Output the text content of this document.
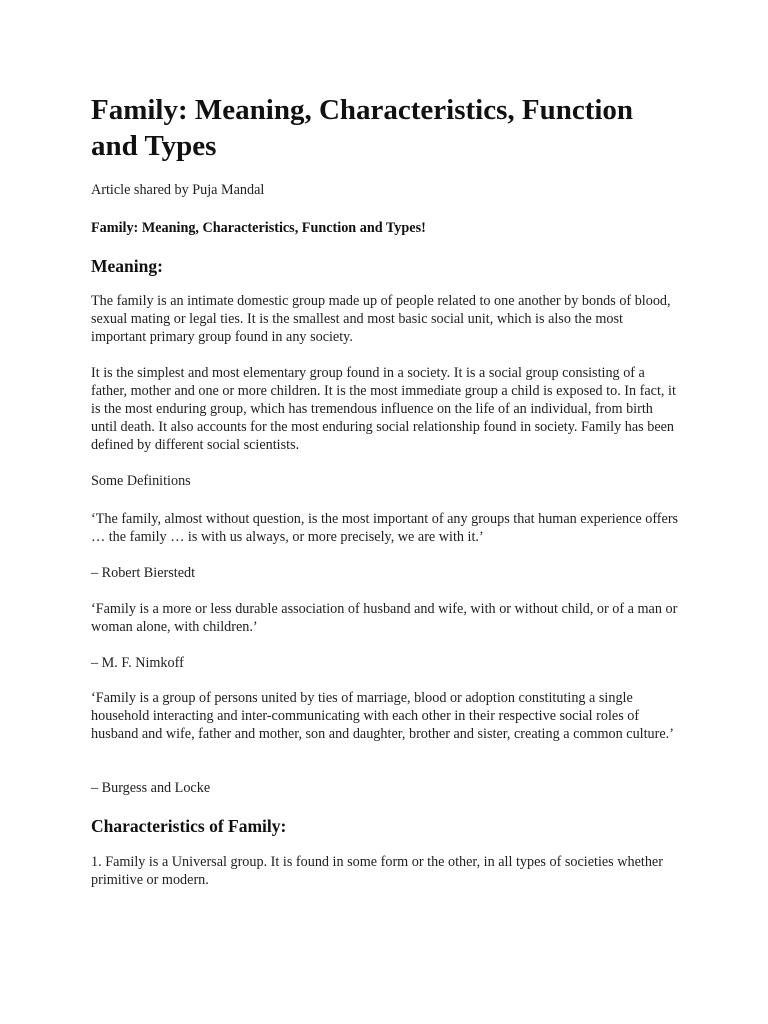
Family: Meaning, Characteristics, Function and Types

Article shared by Puja Mandal

Family: Meaning, Characteristics, Function and Types!

Meaning:

The family is an intimate domestic group made up of people related to one another by bonds of blood, sexual mating or legal ties. It is the smallest and most basic social unit, which is also the most important primary group found in any society.

It is the simplest and most elementary group found in a society. It is a social group consisting of a father, mother and one or more children. It is the most immediate group a child is exposed to. In fact, it is the most enduring group, which has tremendous influence on the life of an individual, from birth until death. It also accounts for the most enduring social relationship found in society. Family has been defined by different social scientists.

Some Definitions

‘The family, almost without question, is the most important of any groups that human experience offers … the family … is with us always, or more precisely, we are with it.’

– Robert Bierstedt

‘Family is a more or less durable association of husband and wife, with or without child, or of a man or woman alone, with children.’

– M. F. Nimkoff

‘Family is a group of persons united by ties of marriage, blood or adoption constituting a single household interacting and inter-communicating with each other in their respective social roles of husband and wife, father and mother, son and daughter, brother and sister, creating a common culture.’

– Burgess and Locke

Characteristics of Family:

1. Family is a Universal group. It is found in some form or the other, in all types of societies whether primitive or modern.
